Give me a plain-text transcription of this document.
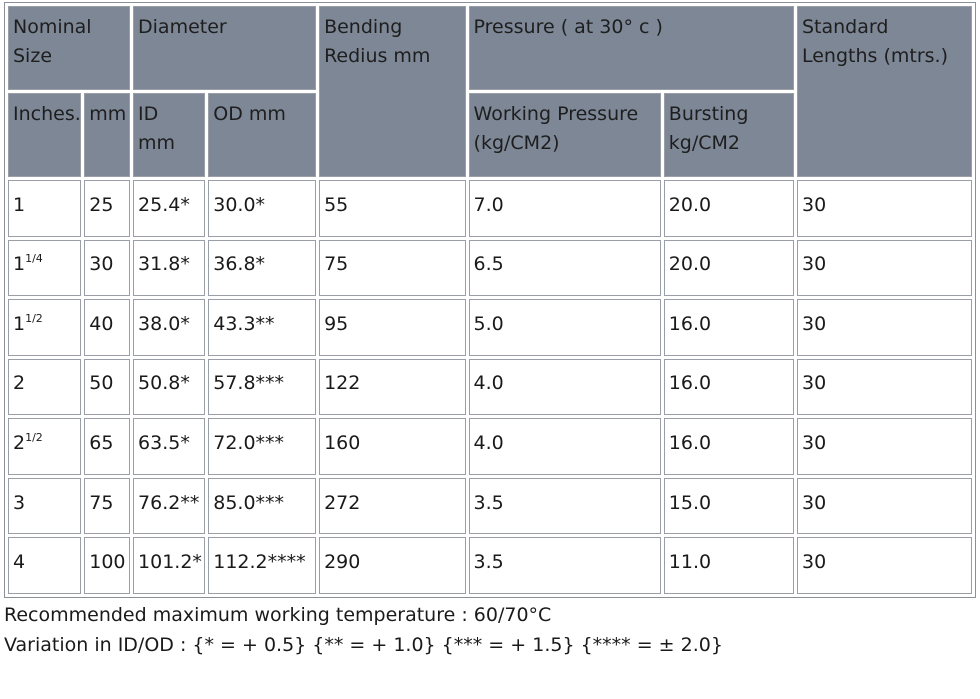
Nominal Size		Diameter		Bending Redius mm	Pressure ( at 30° c )		Standard Lengths (mtrs.)
Inches.	mm	ID mm	OD mm		Working Pressure (kg/CM2)	Bursting kg/CM2	
1	25	25.4*	30.0*	55	7.0	20.0	30
$1^{1/4}$	30	31.8*	36.8*	75	6.5	20.0	30
$1^{1/2}$	40	38.0*	43.3**	95	5.0	16.0	30
2	50	50.8*	57.8***	122	4.0	16.0	30
$2^{1/2}$	65	63.5*	72.0***	160	4.0	16.0	30
3	75	76.2**	85.0***	272	3.5	15.0	30
4	100	101.2*	112.2****	290	3.5	11.0	30
Recommended maximum working temperature : 60/70°C
Variation in ID/OD : {* = + 0.5} {** = + 1.0} {*** = + 1.5} {**** = ± 2.0}
